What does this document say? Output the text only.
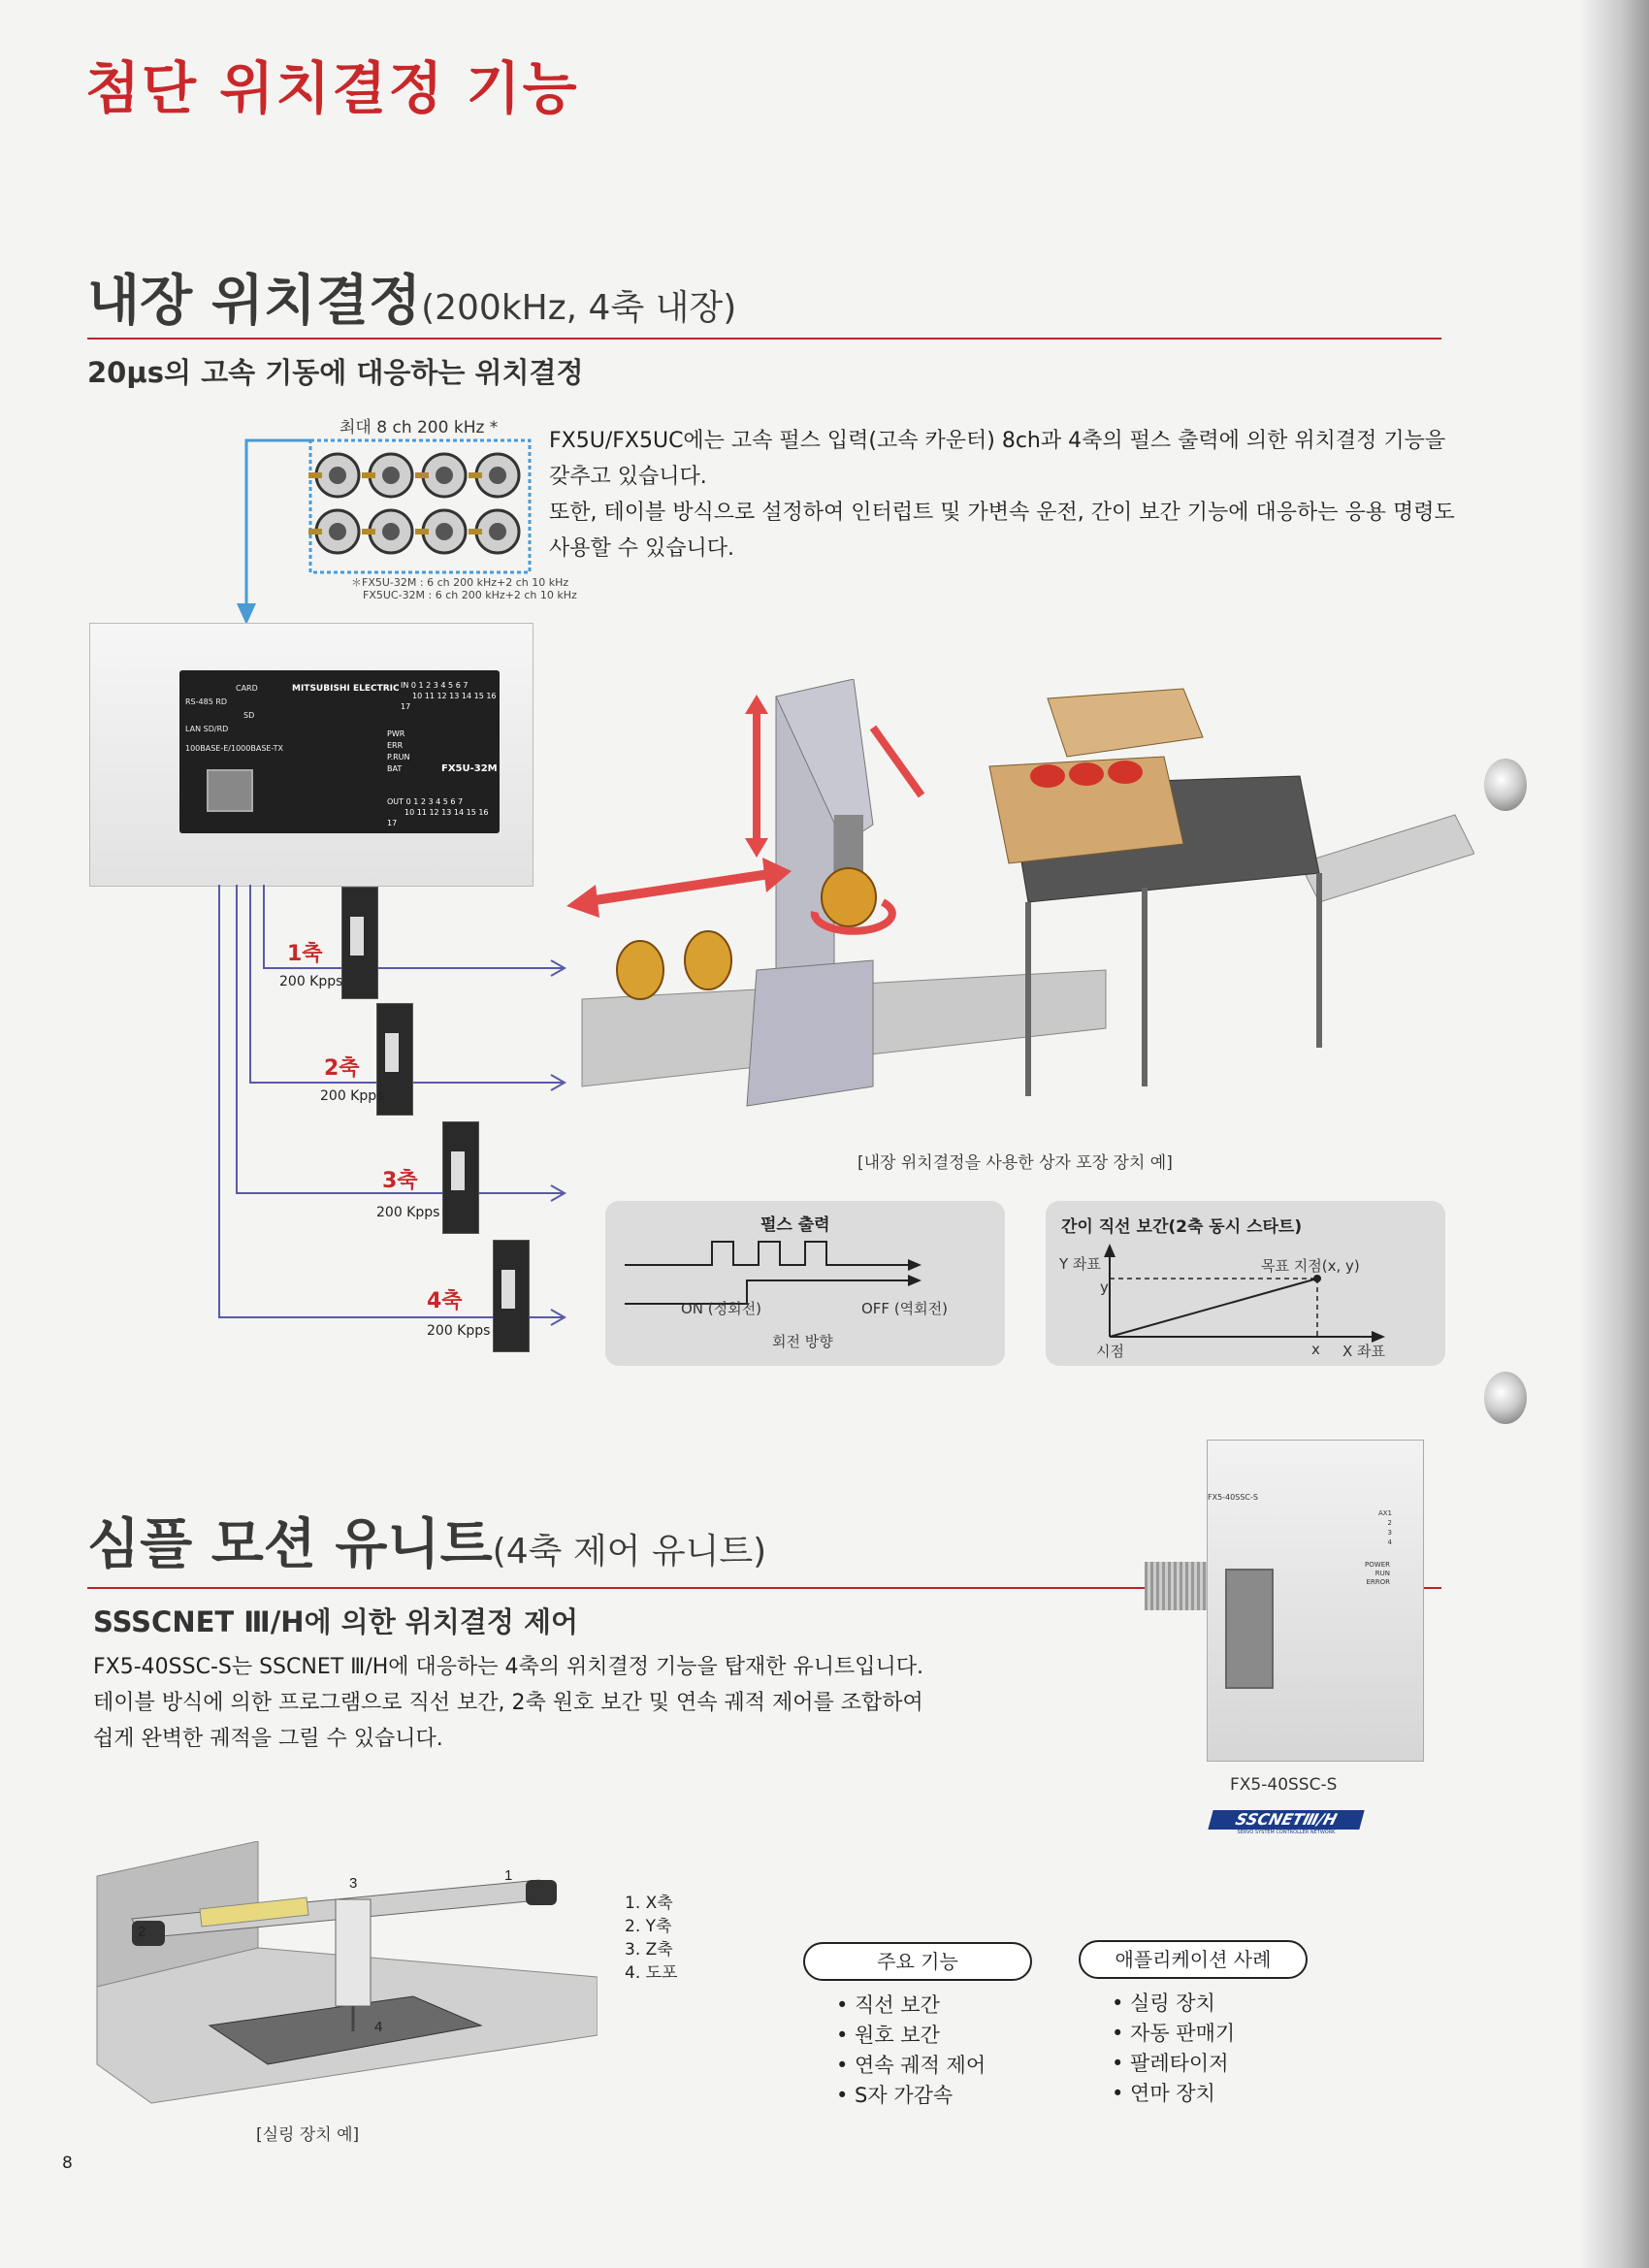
첨단 위치결정 기능
내장 위치결정(200kHz, 4축 내장)
20μs의 고속 기동에 대응하는 위치결정
FX5U/FX5UC에는 고속 펄스 입력(고속 카운터) 8ch과 4축의 펄스 출력에 의한 위치결정 기능을
갖추고 있습니다.
또한, 테이블 방식으로 설정하여 인터럽트 및 가변속 운전, 간이 보간 기능에 대응하는 응용 명령도
사용할 수 있습니다.
최대 8 ch 200 kHz *
＊FX5U-32M : 6 ch 200 kHz+2 ch 10 kHz
FX5UC-32M : 6 ch 200 kHz+2 ch 10 kHz
CARD
RS-485 RD
SD
LAN SD/RD
100BASE-E/1000BASE-TX
MITSUBISHI ELECTRIC IN 0 1 2 3 4 5 6 7
10 11 12 13 14 15 16 17
PWR
ERR
P.RUN
BAT	FX5U-32M
OUT 0 1 2 3 4 5 6 7
10 11 12 13 14 15 16 17
1축
200 Kpps
2축
200 Kpps
3축
200 Kpps
4축
200 Kpps
[내장 위치결정을 사용한 상자 포장 장치 예]
펄스 출력
ON (정회전)	OFF (역회전)
회전 방향
간이 직선 보간(2축 동시 스타트)
Y 좌표
y
목표 지점(x, y)
시점	x X 좌표
심플 모션 유니트(4축 제어 유니트)
SSSCNET Ⅲ/H에 의한 위치결정 제어
FX5-40SSC-S는 SSCNET Ⅲ/H에 대응하는 4축의 위치결정 기능을 탑재한 유니트입니다.
테이블 방식에 의한 프로그램으로 직선 보간, 2축 원호 보간 및 연속 궤적 제어를 조합하여
쉽게 완벽한 궤적을 그릴 수 있습니다.
FX5-40SSC-S
AX1
2
3
4
POWER
RUN
ERROR
FX5-40SSC-S
SSCNETⅢ/H
SERVO SYSTEM CONTROLLER NETWORK
3	1
2
4
1. X축
2. Y축
3. Z축
4. 도포
[실링 장치 예]
주요 기능
• 직선 보간
• 원호 보간
• 연속 궤적 제어
• S자 가감속
애플리케이션 사례
• 실링 장치
• 자동 판매기
• 팔레타이저
• 연마 장치
8
